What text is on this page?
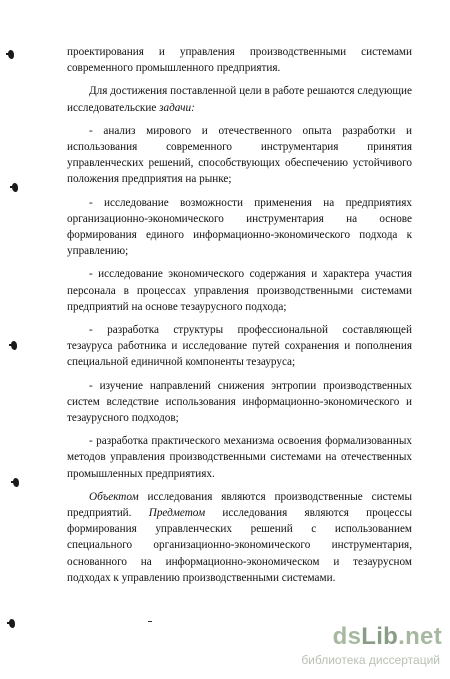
проектирования и управления производственными системами современного промышленного предприятия.

Для достижения поставленной цели в работе решаются следующие исследовательские задачи:

- анализ мирового и отечественного опыта разработки и использования современного инструментария принятия управленческих решений, способствующих обеспечению устойчивого положения предприятия на рынке;

- исследование возможности применения на предприятиях организационно-экономического инструментария на основе формирования единого информационно-экономического подхода к управлению;

- исследование экономического содержания и характера участия персонала в процессах управления производственными системами предприятий на основе тезаурусного подхода;

- разработка структуры профессиональной составляющей тезауруса работника и исследование путей сохранения и пополнения специальной единичной компоненты тезауруса;

- изучение направлений снижения энтропии производственных систем вследствие использования информационно-экономического и тезаурусного подходов;

- разработка практического механизма освоения формализованных методов управления производственными системами на отечественных промышленных предприятиях.

Объектом исследования являются производственные системы предприятий. Предметом исследования являются процессы формирования управленческих решений с использованием специального организационно-экономического инструментария, основанного на информационно-экономическом и тезаурусном подходах к управлению производственными системами.

dsLib.net
библиотека диссертаций
